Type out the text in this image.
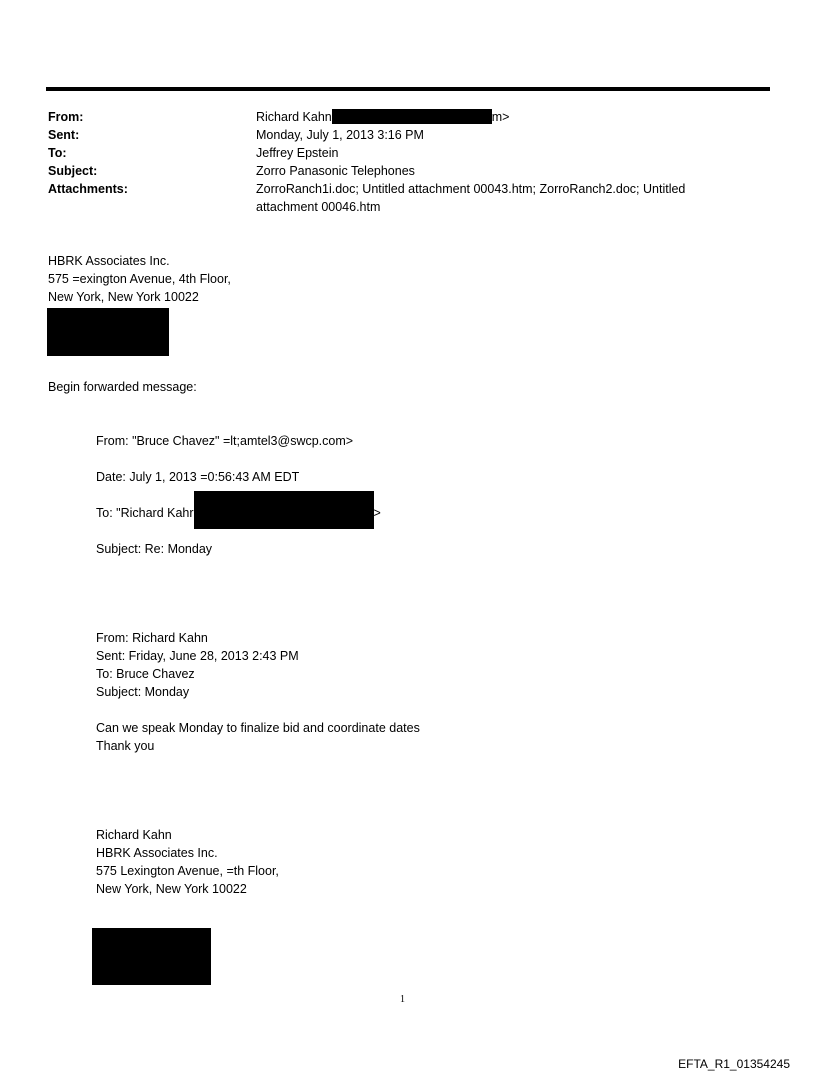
From:	Richard Kahn	m>
Sent:	Monday, July 1, 2013 3:16 PM
To:	Jeffrey Epstein
Subject:	Zorro Panasonic Telephones
Attachments:	ZorroRanch1i.doc; Untitled attachment 00043.htm; ZorroRanch2.doc; Untitled attachment 00046.htm
HBRK Associates Inc.
575 =exington Avenue, 4th Floor,
New York, New York 10022
Begin forwarded message:
From: "Bruce Chavez" =lt;amtel3@swcp.com>
Date: July 1, 2013 =0:56:43 AM EDT
To: "Richard Kahr	>
Subject: Re: Monday
From: Richard Kahn
Sent: Friday, June 28, 2013 2:43 PM
To: Bruce Chavez
Subject: Monday
Can we speak Monday to finalize bid and coordinate dates
Thank you
Richard Kahn
HBRK Associates Inc.
575 Lexington Avenue, =th Floor,
New York, New York 10022
1
EFTA_R1_01354245
